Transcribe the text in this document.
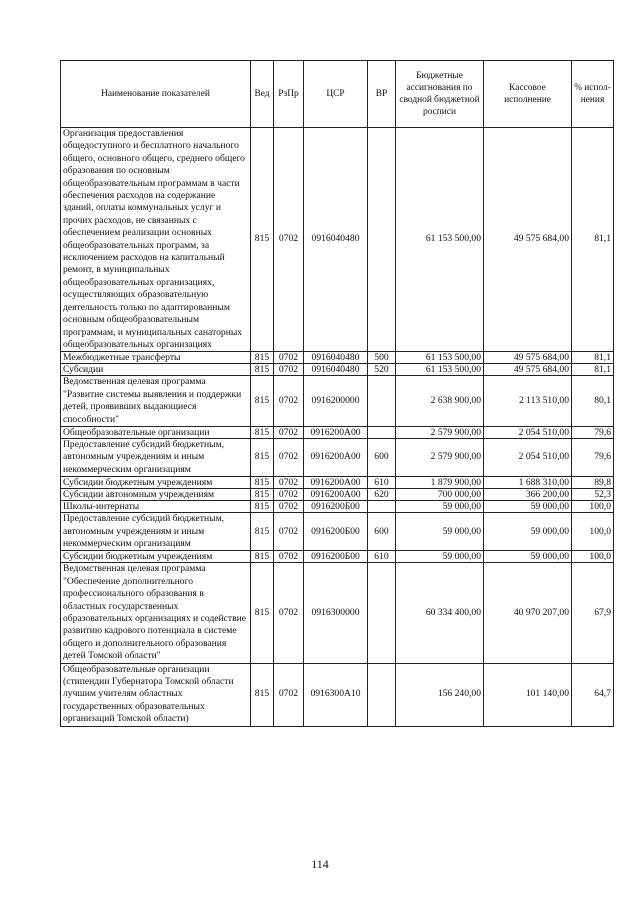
Наименование показателей	Вед	РзПр	ЦСР	ВР	Бюджетные ассигнования по сводной бюджетной росписи	Кассовое исполнение	% испол-нения
Организация предоставления общедоступного и бесплатного начального общего, основного общего, среднего общего образования по основным общеобразовательным программам в части обеспечения расходов на содержание зданий, оплаты коммунальных услуг и прочих расходов, не связанных с обеспечением реализации основных общеобразовательных программ, за исключением расходов на капитальный ремонт, в муниципальных общеобразовательных организациях, осуществляющих образовательную деятельность только по адаптированным основным общеобразовательным программам, и муниципальных санаторных общеобразовательных организациях	815	0702	0916040480		61 153 500,00	49 575 684,00	81,1
Межбюджетные трансферты	815	0702	0916040480	500	61 153 500,00	49 575 684,00	81,1
Субсидии	815	0702	0916040480	520	61 153 500,00	49 575 684,00	81,1
Ведомственная целевая программа "Развитие системы выявления и поддержки детей, проявивших выдающиеся способности"	815	0702	0916200000		2 638 900,00	2 113 510,00	80,1
Общеобразовательные организации	815	0702	0916200А00		2 579 900,00	2 054 510,00	79,6
Предоставление субсидий бюджетным, автономным учреждениям и иным некоммерческим организациям	815	0702	0916200А00	600	2 579 900,00	2 054 510,00	79,6
Субсидии бюджетным учреждениям	815	0702	0916200А00	610	1 879 900,00	1 688 310,00	89,8
Субсидии автономным учреждениям	815	0702	0916200А00	620	700 000,00	366 200,00	52,3
Школы-интернаты	815	0702	0916200Б00		59 000,00	59 000,00	100,0
Предоставление субсидий бюджетным, автономным учреждениям и иным некоммерческим организациям	815	0702	0916200Б00	600	59 000,00	59 000,00	100,0
Субсидии бюджетным учреждениям	815	0702	0916200Б00	610	59 000,00	59 000,00	100,0
Ведомственная целевая программа "Обеспечение дополнительного профессионального образования в областных государственных образовательных организациях и содействие развитию кадрового потенциала в системе общего и дополнительного образования детей Томской области"	815	0702	0916300000		60 334 400,00	40 970 207,00	67,9
Общеобразовательные организации (стипендии Губернатора Томской области лучшим учителям областных государственных образовательных организаций Томской области)	815	0702	0916300А10		156 240,00	101 140,00	64,7
114
